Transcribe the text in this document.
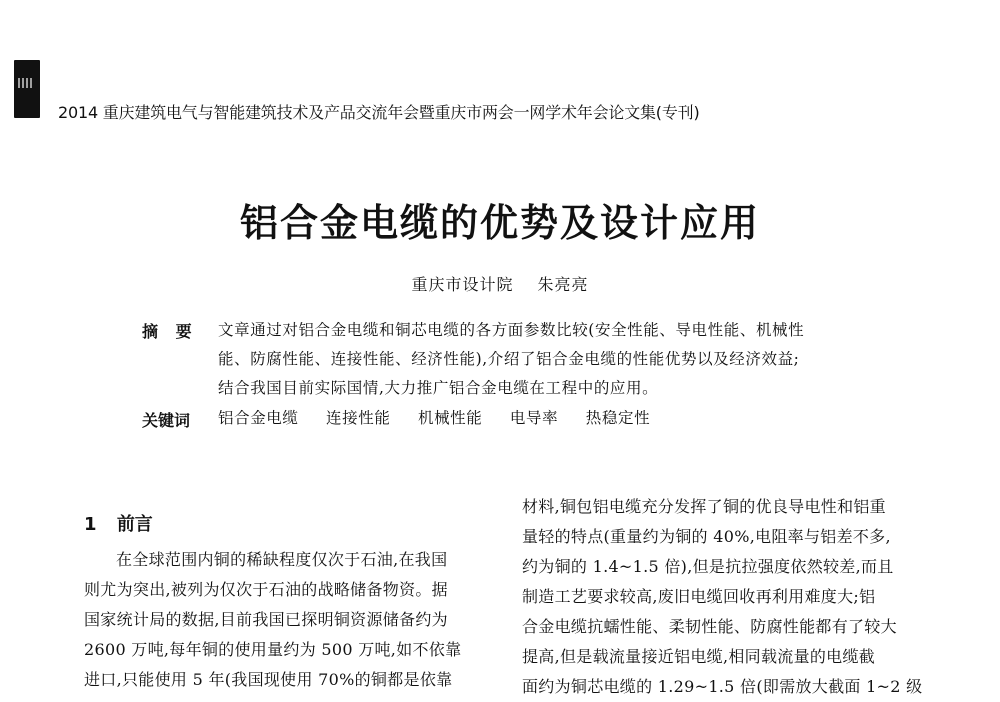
2014 重庆建筑电气与智能建筑技术及产品交流年会暨重庆市两会一网学术年会论文集(专刊)
铝合金电缆的优势及设计应用
重庆市设计院 朱亮亮
摘 要 文章通过对铝合金电缆和铜芯电缆的各方面参数比较(安全性能、导电性能、机械性
能、防腐性能、连接性能、经济性能),介绍了铝合金电缆的性能优势以及经济效益;
结合我国目前实际国情,大力推广铝合金电缆在工程中的应用。
关键词 铝合金电缆 连接性能 机械性能 电导率 热稳定性
1 前言
在全球范围内铜的稀缺程度仅次于石油,在我国
则尤为突出,被列为仅次于石油的战略储备物资。据
国家统计局的数据,目前我国已探明铜资源储备约为
2600 万吨,每年铜的使用量约为 500 万吨,如不依靠
进口,只能使用 5 年(我国现使用 70%的铜都是依靠
材料,铜包铝电缆充分发挥了铜的优良导电性和铝重
量轻的特点(重量约为铜的 40%,电阻率与铝差不多,
约为铜的 1.4~1.5 倍),但是抗拉强度依然较差,而且
制造工艺要求较高,废旧电缆回收再利用难度大;铝
合金电缆抗蠕性能、柔韧性能、防腐性能都有了较大
提高,但是载流量接近铝电缆,相同载流量的电缆截
面约为铜芯电缆的 1.29~1.5 倍(即需放大截面 1~2 级
